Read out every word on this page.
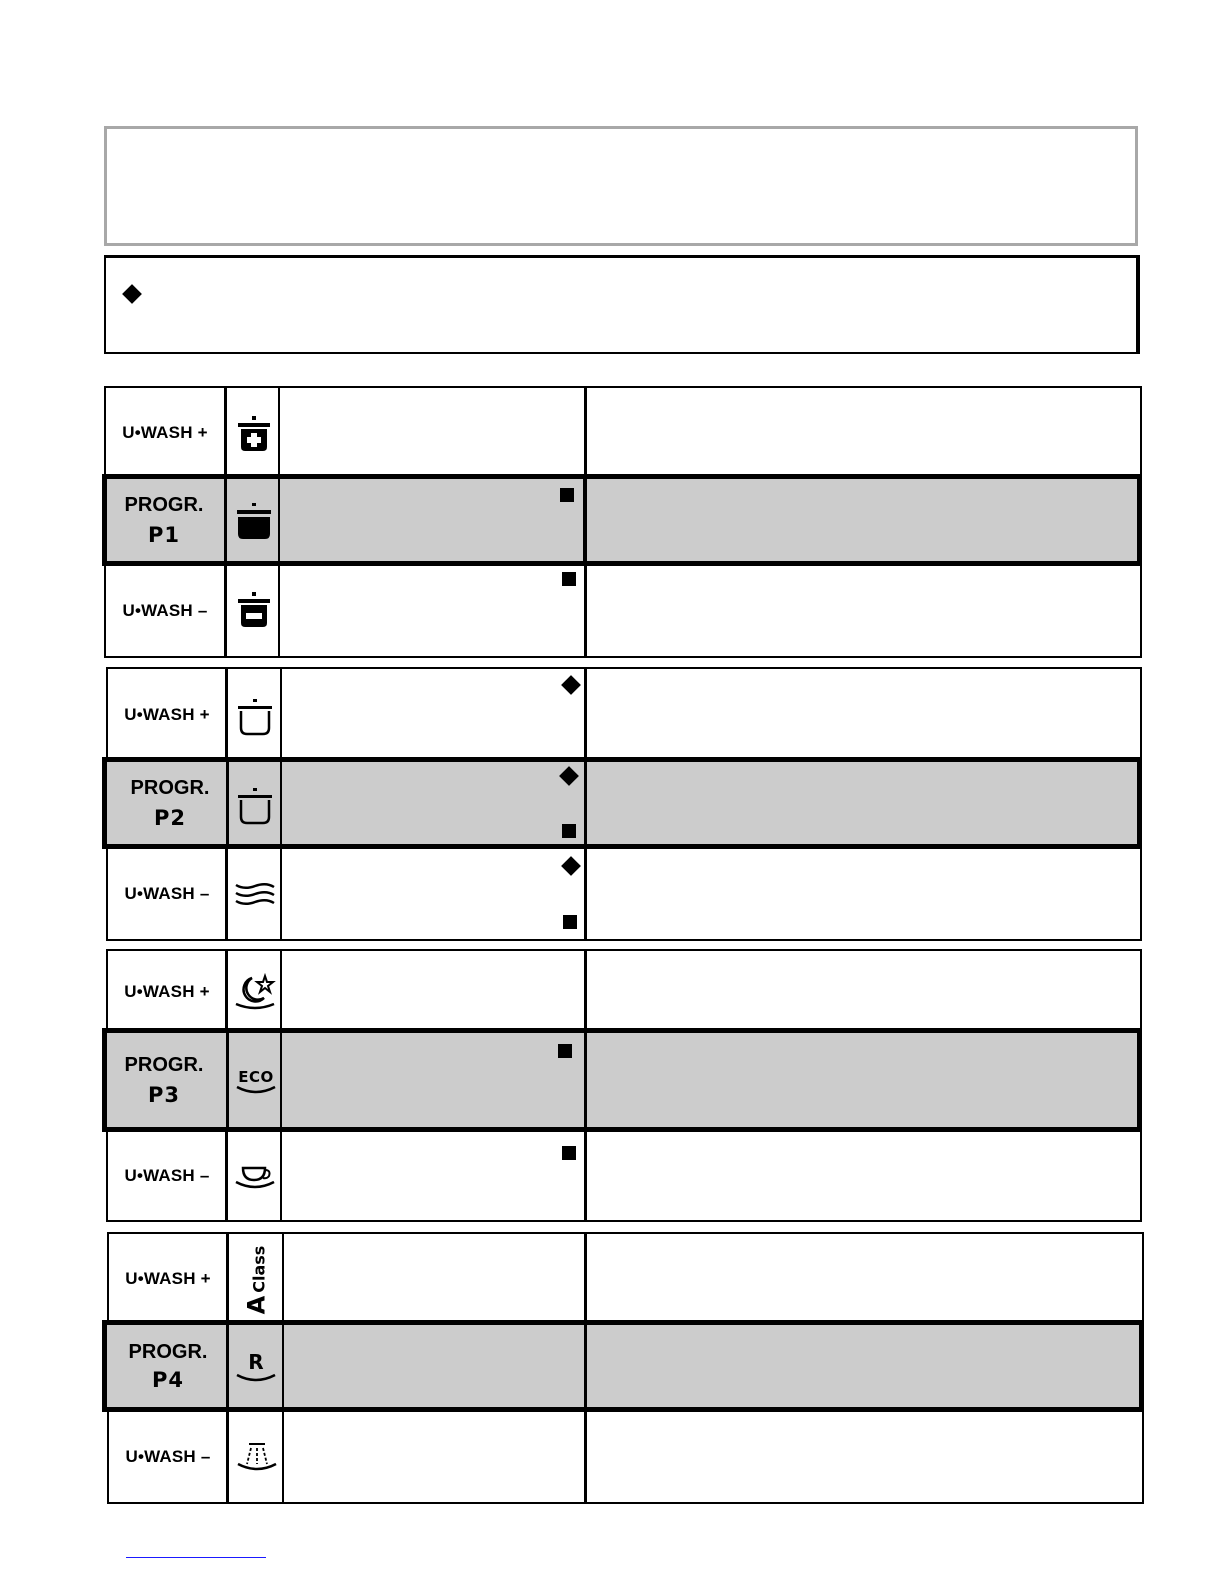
U•WASH +
PROGR.
P1
U•WASH –
U•WASH +
PROGR.
P2
U•WASH –
U•WASH +
PROGR.
P3
ECO
U•WASH –
U•WASH +
A
Class
PROGR.
P4
R
U•WASH –
